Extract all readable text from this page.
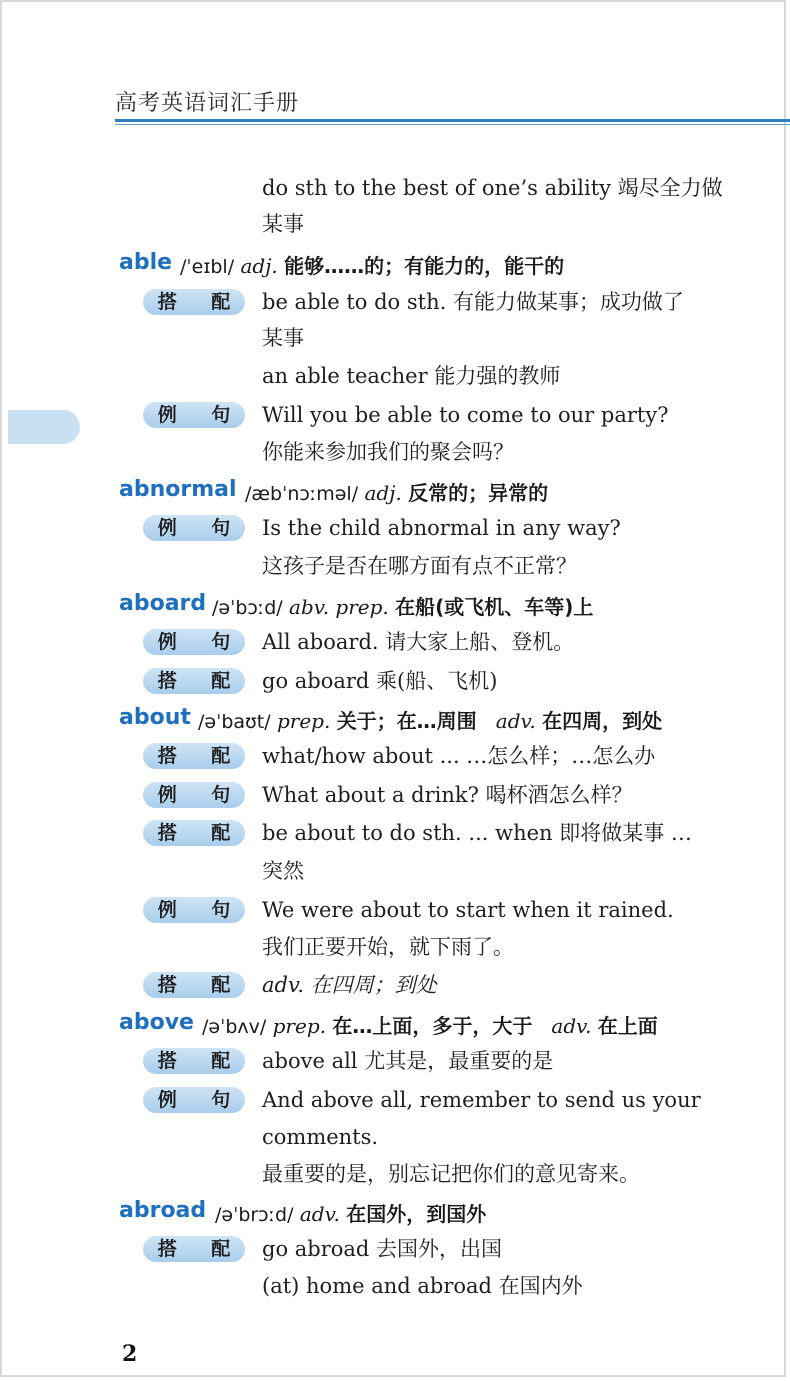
高考英语词汇手册
do sth to the best of one’s ability 竭尽全力做
某事
able /ˈeɪbl/ adj. 能够……的；有能力的，能干的
搭 配 be able to do sth. 有能力做某事；成功做了
某事
an able teacher 能力强的教师
例 句 Will you be able to come to our party?
你能来参加我们的聚会吗？
abnormal /æbˈnɔːməl/ adj. 反常的；异常的
例 句 Is the child abnormal in any way?
这孩子是否在哪方面有点不正常？
aboard /əˈbɔːd/ abv. prep. 在船(或飞机、车等)上
例 句 All aboard. 请大家上船、登机。
搭 配 go aboard 乘(船、飞机)
about /əˈbaʊt/ prep. 关于；在…周围 adv. 在四周，到处
搭 配 what/how about ... …怎么样；…怎么办
例 句 What about a drink? 喝杯酒怎么样？
搭 配 be about to do sth. ... when 即将做某事 …
突然
例 句 We were about to start when it rained.
我们正要开始，就下雨了。
搭 配 adv. 在四周；到处
above /əˈbʌv/ prep. 在…上面，多于，大于 adv. 在上面
搭 配 above all 尤其是，最重要的是
例 句 And above all, remember to send us your
comments.
最重要的是，别忘记把你们的意见寄来。
abroad /əˈbrɔːd/ adv. 在国外，到国外
搭 配 go abroad 去国外，出国
(at) home and abroad 在国内外
2
